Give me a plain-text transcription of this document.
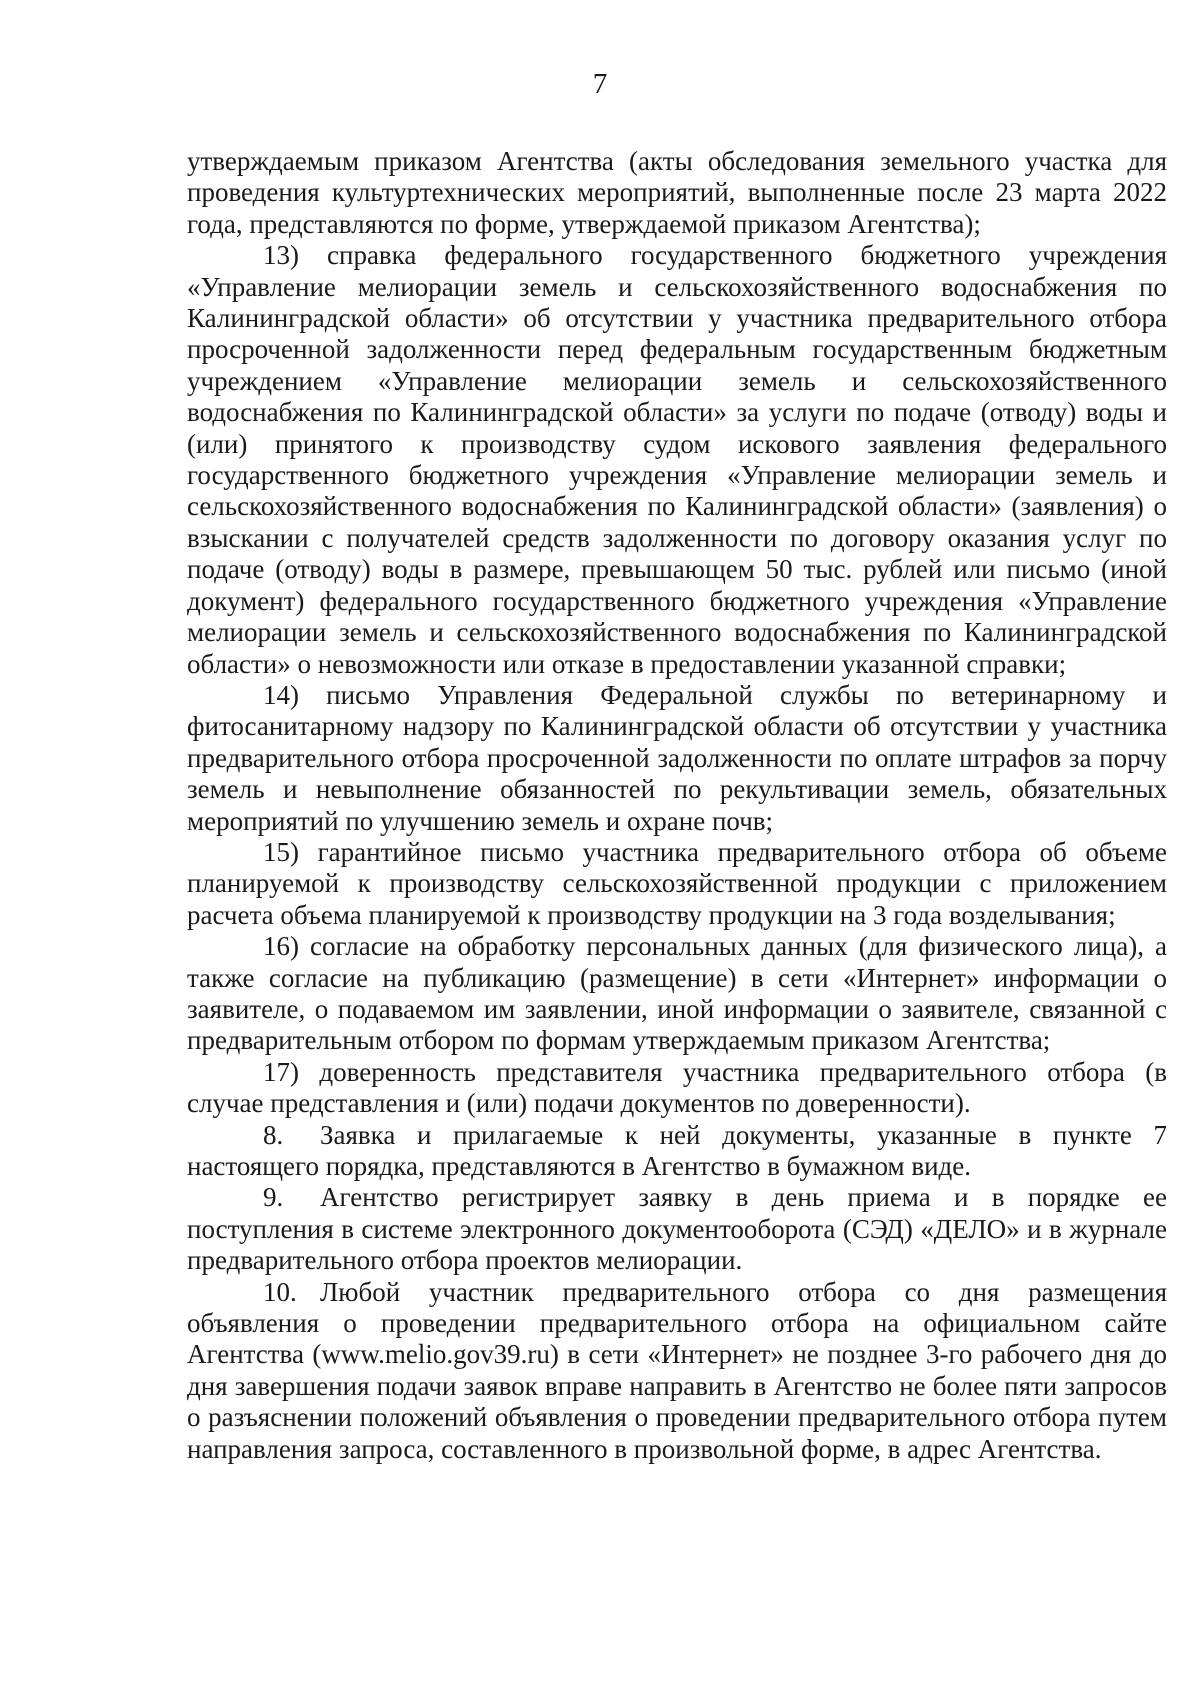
7

утверждаемым приказом Агентства (акты обследования земельного участка для проведения культуртехнических мероприятий, выполненные после 23 марта 2022 года, представляются по форме, утверждаемой приказом Агентства);

13) справка федерального государственного бюджетного учреждения «Управление мелиорации земель и сельскохозяйственного водоснабжения по Калининградской области» об отсутствии у участника предварительного отбора просроченной задолженности перед федеральным государственным бюджетным учреждением «Управление мелиорации земель и сельскохозяйственного водоснабжения по Калининградской области» за услуги по подаче (отводу) воды и (или) принятого к производству судом искового заявления федерального государственного бюджетного учреждения «Управление мелиорации земель и сельскохозяйственного водоснабжения по Калининградской области» (заявления) о взыскании с получателей средств задолженности по договору оказания услуг по подаче (отводу) воды в размере, превышающем 50 тыс. рублей или письмо (иной документ) федерального государственного бюджетного учреждения «Управление мелиорации земель и сельскохозяйственного водоснабжения по Калининградской области» о невозможности или отказе в предоставлении указанной справки;

14) письмо Управления Федеральной службы по ветеринарному и фитосанитарному надзору по Калининградской области об отсутствии у участника предварительного отбора просроченной задолженности по оплате штрафов за порчу земель и невыполнение обязанностей по рекультивации земель, обязательных мероприятий по улучшению земель и охране почв;

15) гарантийное письмо участника предварительного отбора об объеме планируемой к производству сельскохозяйственной продукции с приложением расчета объема планируемой к производству продукции на 3 года возделывания;

16) согласие на обработку персональных данных (для физического лица), а также согласие на публикацию (размещение) в сети «Интернет» информации о заявителе, о подаваемом им заявлении, иной информации о заявителе, связанной с предварительным отбором по формам утверждаемым приказом Агентства;

17) доверенность представителя участника предварительного отбора (в случае представления и (или) подачи документов по доверенности).

8. Заявка и прилагаемые к ней документы, указанные в пункте 7 настоящего порядка, представляются в Агентство в бумажном виде.

9. Агентство регистрирует заявку в день приема и в порядке ее поступления в системе электронного документооборота (СЭД) «ДЕЛО» и в журнале предварительного отбора проектов мелиорации.

10. Любой участник предварительного отбора со дня размещения объявления о проведении предварительного отбора на официальном сайте Агентства (www.melio.gov39.ru) в сети «Интернет» не позднее 3-го рабочего дня до дня завершения подачи заявок вправе направить в Агентство не более пяти запросов о разъяснении положений объявления о проведении предварительного отбора путем направления запроса, составленного в произвольной форме, в адрес Агентства.
